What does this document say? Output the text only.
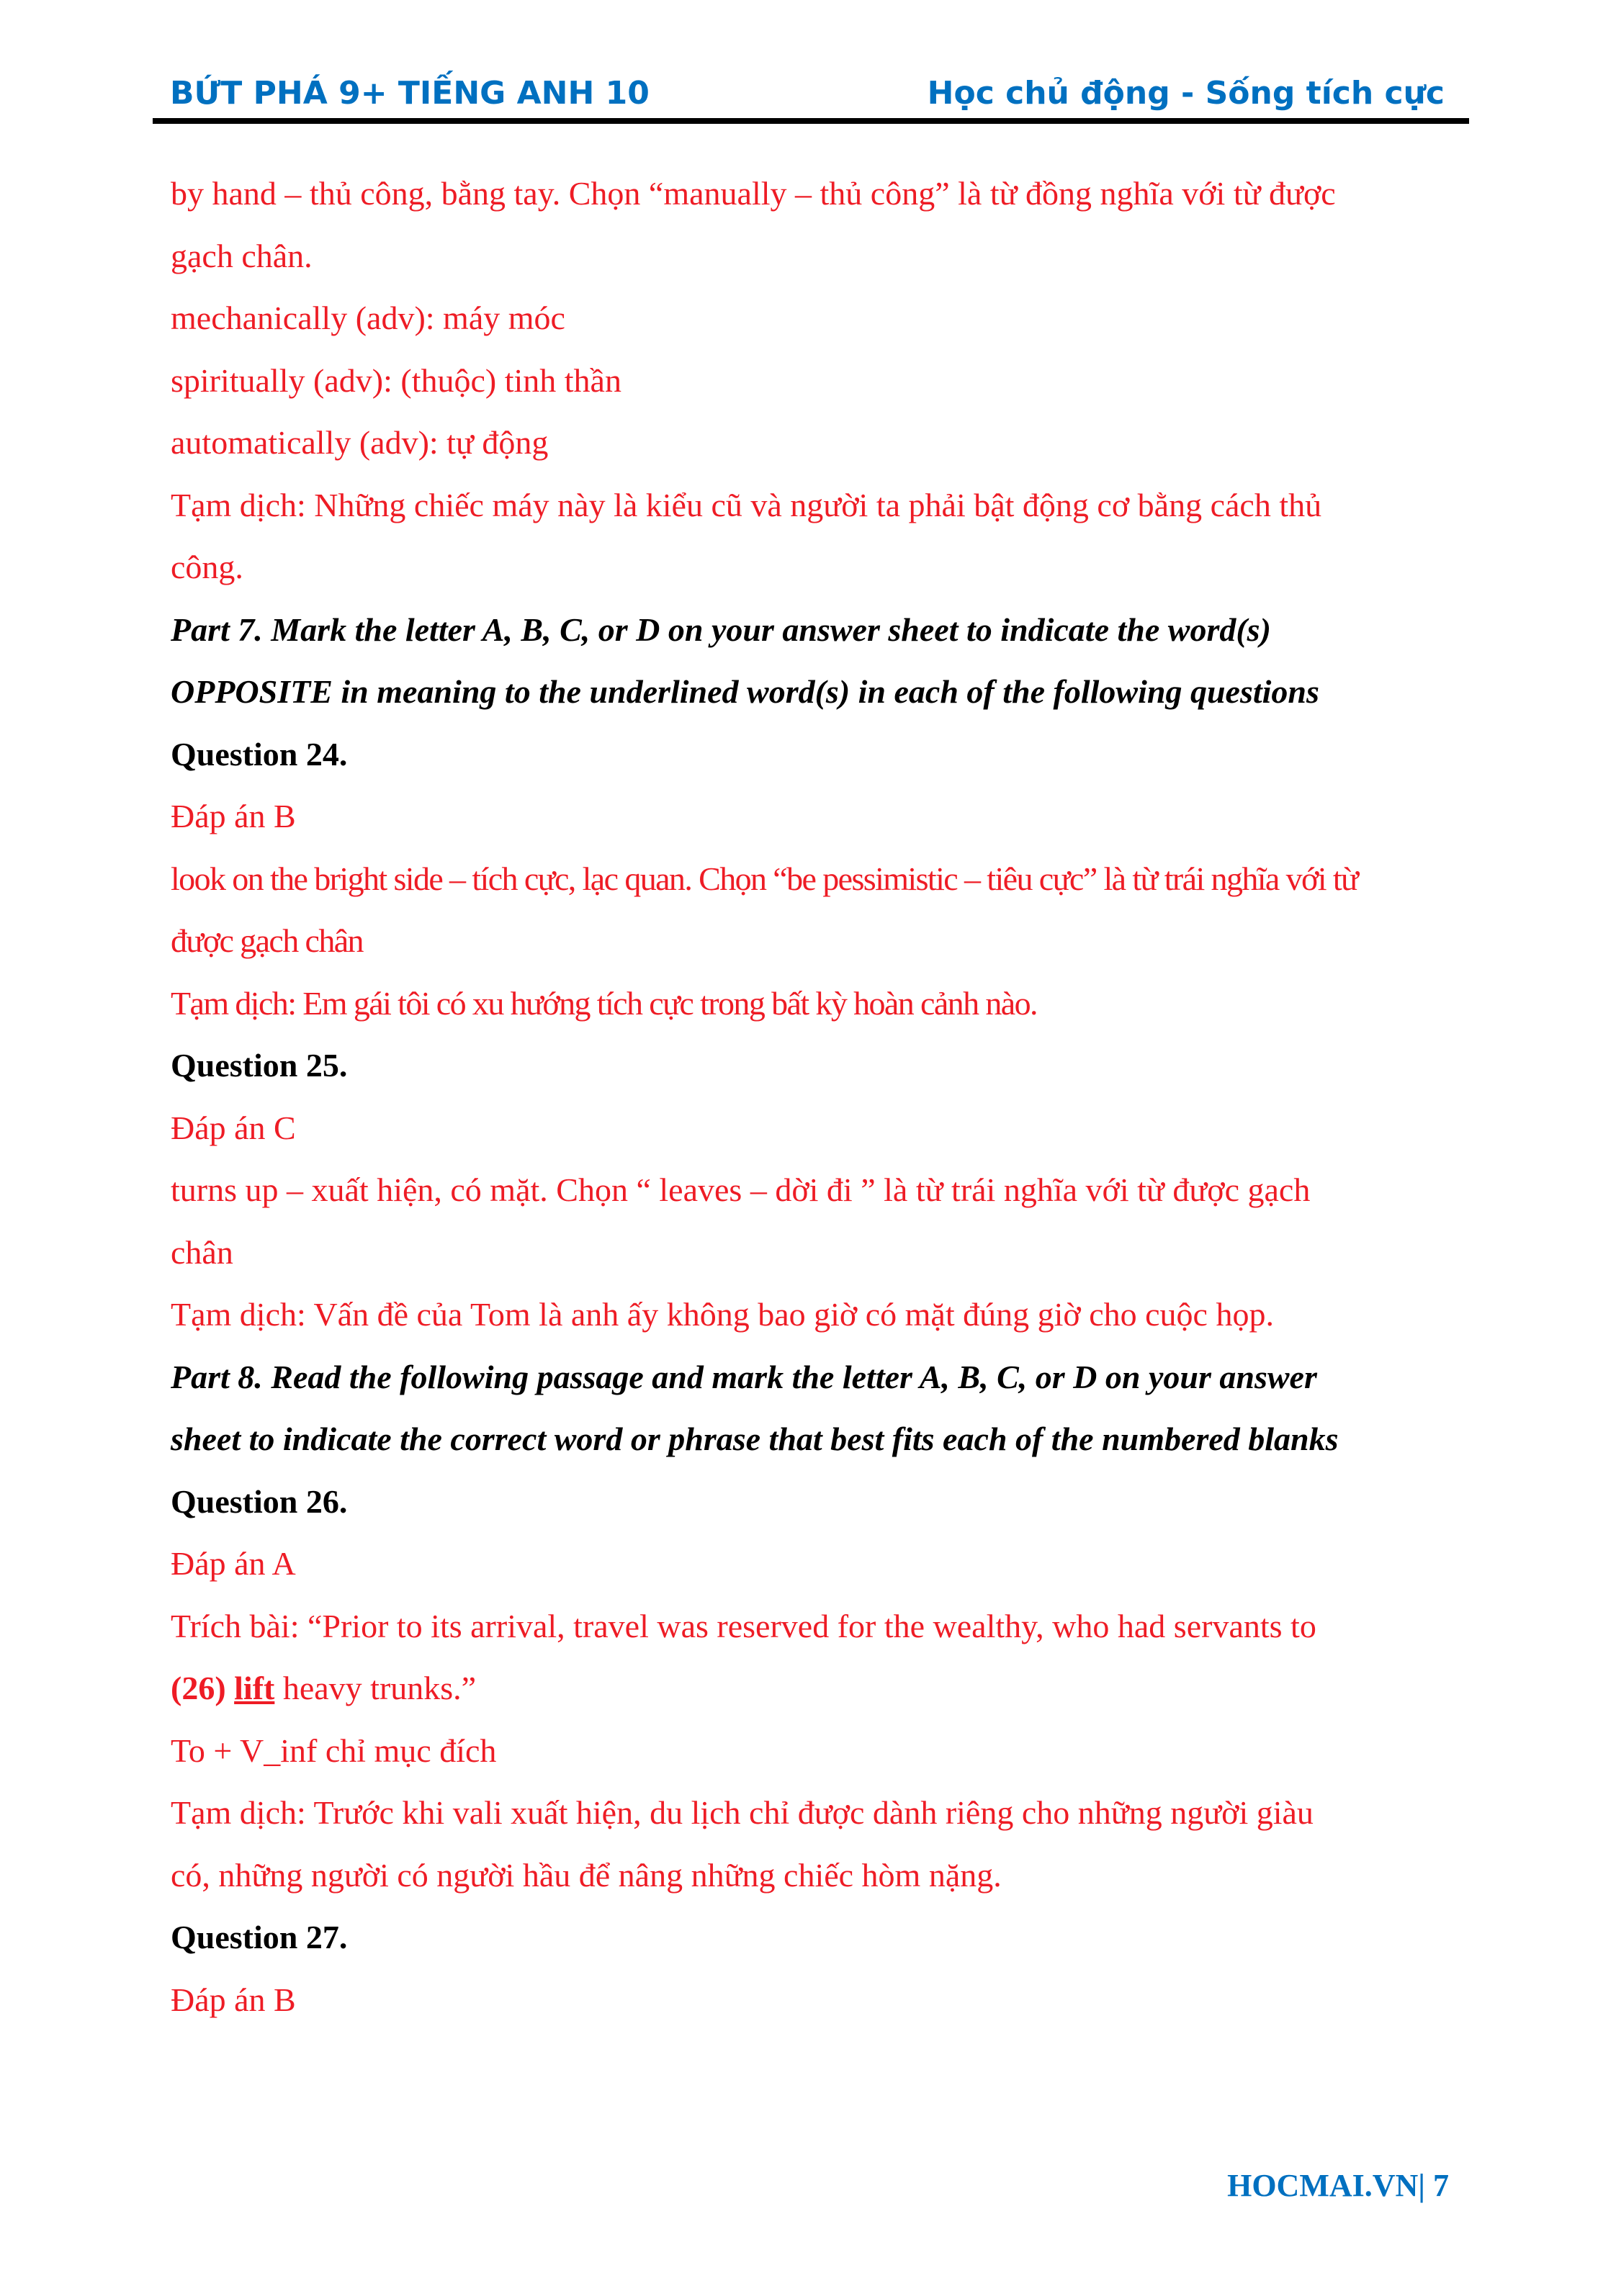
BỨT PHÁ 9+ TIẾNG ANH 10	Học chủ động - Sống tích cực
by hand – thủ công, bằng tay. Chọn “manually – thủ công” là từ đồng nghĩa với từ được
gạch chân.
mechanically (adv): máy móc
spiritually (adv): (thuộc) tinh thần
automatically (adv): tự động
Tạm dịch: Những chiếc máy này là kiểu cũ và người ta phải bật động cơ bằng cách thủ
công.
Part 7. Mark the letter A, B, C, or D on your answer sheet to indicate the word(s)
OPPOSITE in meaning to the underlined word(s) in each of the following questions
Question 24.
Đáp án B
look on the bright side – tích cực, lạc quan. Chọn “be pessimistic – tiêu cực” là từ trái nghĩa với từ
được gạch chân
Tạm dịch: Em gái tôi có xu hướng tích cực trong bất kỳ hoàn cảnh nào.
Question 25.
Đáp án C
turns up – xuất hiện, có mặt. Chọn “ leaves – dời đi ” là từ trái nghĩa với từ được gạch
chân
Tạm dịch: Vấn đề của Tom là anh ấy không bao giờ có mặt đúng giờ cho cuộc họp.
Part 8. Read the following passage and mark the letter A, B, C, or D on your answer
sheet to indicate the correct word or phrase that best fits each of the numbered blanks
Question 26.
Đáp án A
Trích bài: “Prior to its arrival, travel was reserved for the wealthy, who had servants to
(26) lift heavy trunks.”
To + V_inf chỉ mục đích
Tạm dịch: Trước khi vali xuất hiện, du lịch chỉ được dành riêng cho những người giàu
có, những người có người hầu để nâng những chiếc hòm nặng.
Question 27.
Đáp án B
HOCMAI.VN| 7
